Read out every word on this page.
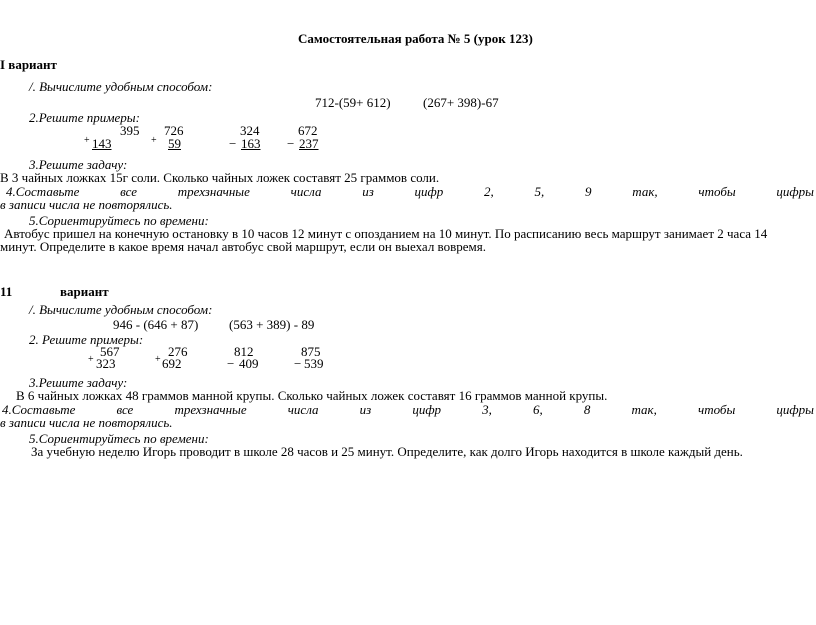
Самостоятельная работа № 5 (урок 123)
I вариант
/. Вычислите удобным способом:
712-(59+ 612) (267+ 398)-67
2.Решите примеры:
395
+ 143
726
+ 59
324
− 163
672
− 237
3.Решите задачу:
В 3 чайных ложках 15г соли. Сколько чайных ложек составят 25 граммов соли.
4.Составьте	все	трехзначные	числа	из	цифр	2,	5,	9	так,	чтобы	цифры
в записи числа не повторялись.
5.Сориентируйтесь по времени:
Автобус пришел на конечную остановку в 10 часов 12 минут с опозданием на 10 минут. По расписанию весь маршрут занимает 2 часа 14
минут. Определите в какое время начал автобус свой маршрут, если он выехал вовремя.
11	вариант
/. Вычислите удобным способом:
946 - (646 + 87) (563 + 389) - 89
2. Решите примеры:
567
+ 323
276
+ 692
812
− 409
875
− 539
3.Решите задачу:
В 6 чайных ложках 48 граммов манной крупы. Сколько чайных ложек составят 16 граммов манной крупы.
4.Составьте	все	трехзначные	числа	из	цифр	3,	6,	8	так,	чтобы	цифры
в записи числа не повторялись.
5.Сориентируйтесь по времени:
За учебную неделю Игорь проводит в школе 28 часов и 25 минут. Определите, как долго Игорь находится в школе каждый день.
